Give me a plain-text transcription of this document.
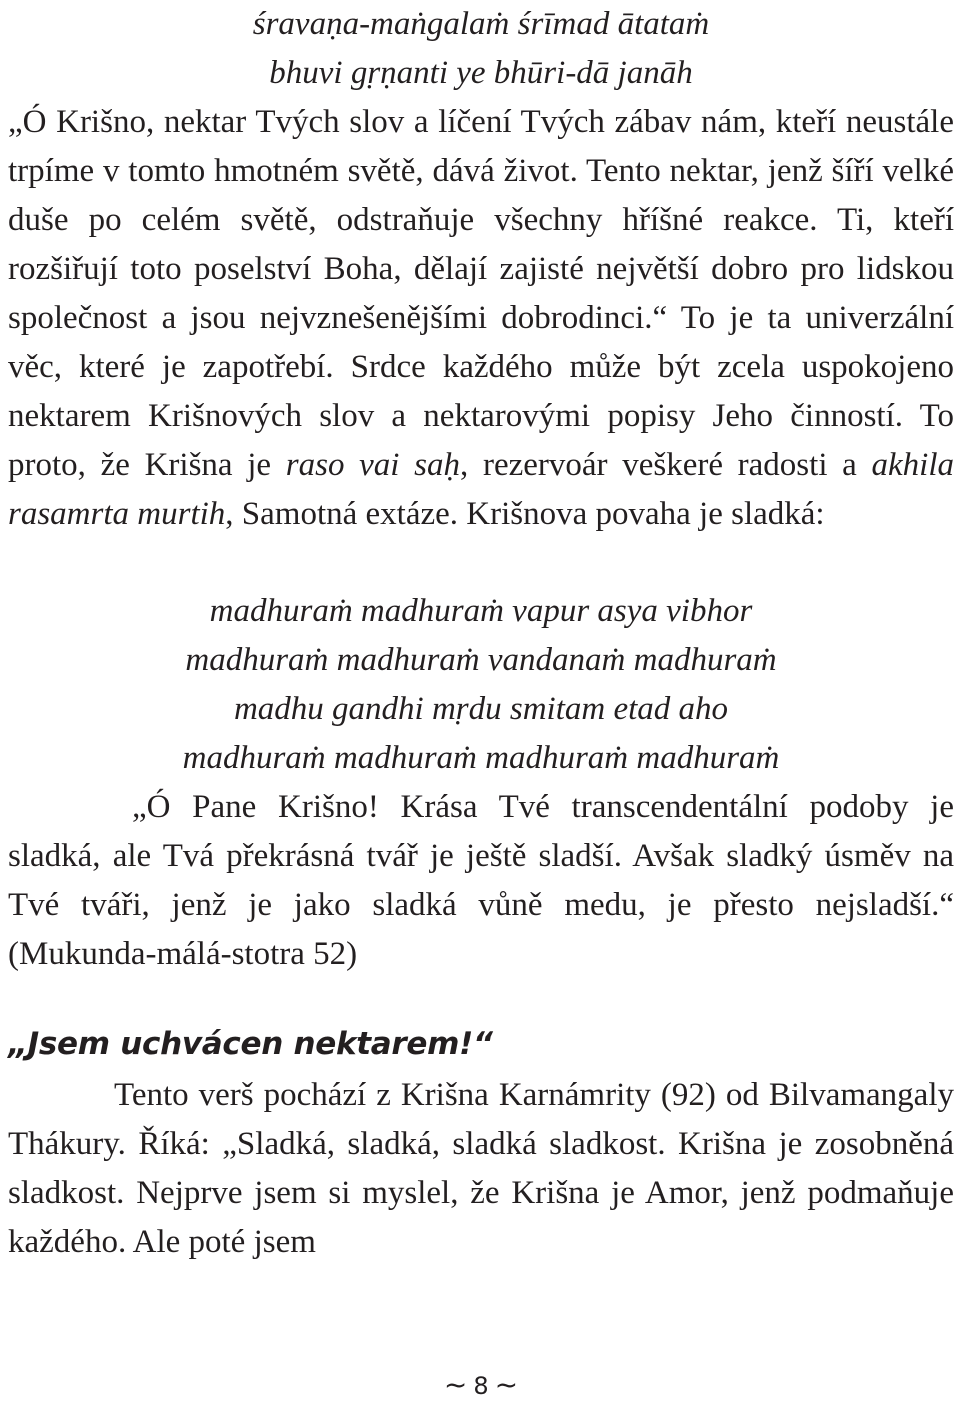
śravaṇa-maṅgalaṁ śrīmad ātataṁ
bhuvi gṛṇanti ye bhūri-dā janāh

„Ó Krišno, nektar Tvých slov a líčení Tvých zábav nám, kteří neustále trpíme v tomto hmotném světě, dává život. Tento nektar, jenž šíří velké duše po celém světě, odstraňuje všechny hříšné reakce. Ti, kteří rozšiřují toto poselství Boha, dělají zajisté největší dobro pro lidskou společnost a jsou nejvznešenějšími dobrodinci.“ To je ta univerzální věc, které je zapotřebí. Srdce každého může být zcela uspokojeno nektarem Krišnových slov a nektarovými popisy Jeho činností. To proto, že Krišna je raso vai saḥ, rezervoár veškeré radosti a akhila rasamrta murtih, Samotná extáze. Krišnova povaha je sladká:

madhuraṁ madhuraṁ vapur asya vibhor
madhuraṁ madhuraṁ vandanaṁ madhuraṁ
madhu gandhi mṛdu smitam etad aho
madhuraṁ madhuraṁ madhuraṁ madhuraṁ

„Ó Pane Krišno! Krása Tvé transcendentální podoby je sladká, ale Tvá překrásná tvář je ještě sladší. Avšak sladký úsměv na Tvé tváři, jenž je jako sladká vůně medu, je přesto nejsladší.“ (Mukunda-málá-stotra 52)

„Jsem uchvácen nektarem!“

Tento verš pochází z Krišna Karnámrity (92) od Bilvamangaly Thákury. Říká: „Sladká, sladká, sladká sladkost. Krišna je zosobněná sladkost. Nejprve jsem si myslel, že Krišna je Amor, jenž podmaňuje každého. Ale poté jsem

~ 8 ~
